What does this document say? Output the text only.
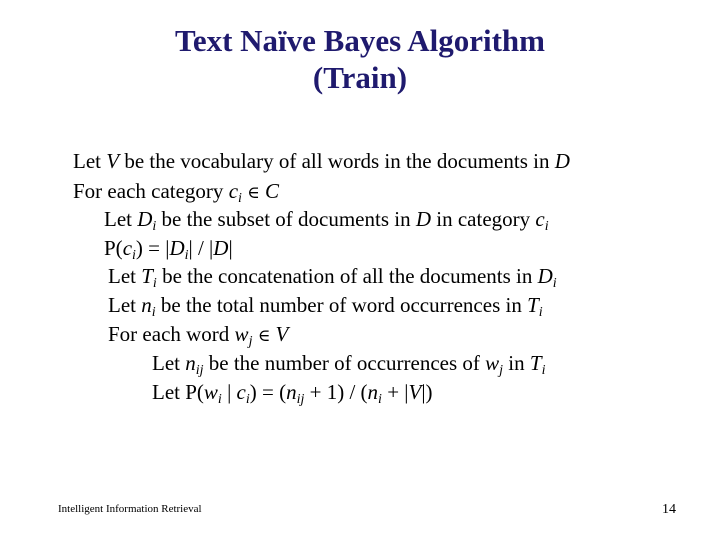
Text Naïve Bayes Algorithm
(Train)
Let V be the vocabulary of all words in the documents in D
For each category $c_i$ ∈ C
Let $D_i$ be the subset of documents in D in category $c_i$
$P(c_i) = |D_i| / |D|$
Let $T_i$ be the concatenation of all the documents in $D_i$
Let $n_i$ be the total number of word occurrences in $T_i$
For each word $w_j$ ∈ V
Let $n_{ij}$ be the number of occurrences of $w_j$ in $T_i$
Let $P(w_i$ | $c_i) = (n_{ij} + 1) / (n_i + |V|)$
Intelligent Information Retrieval	14
